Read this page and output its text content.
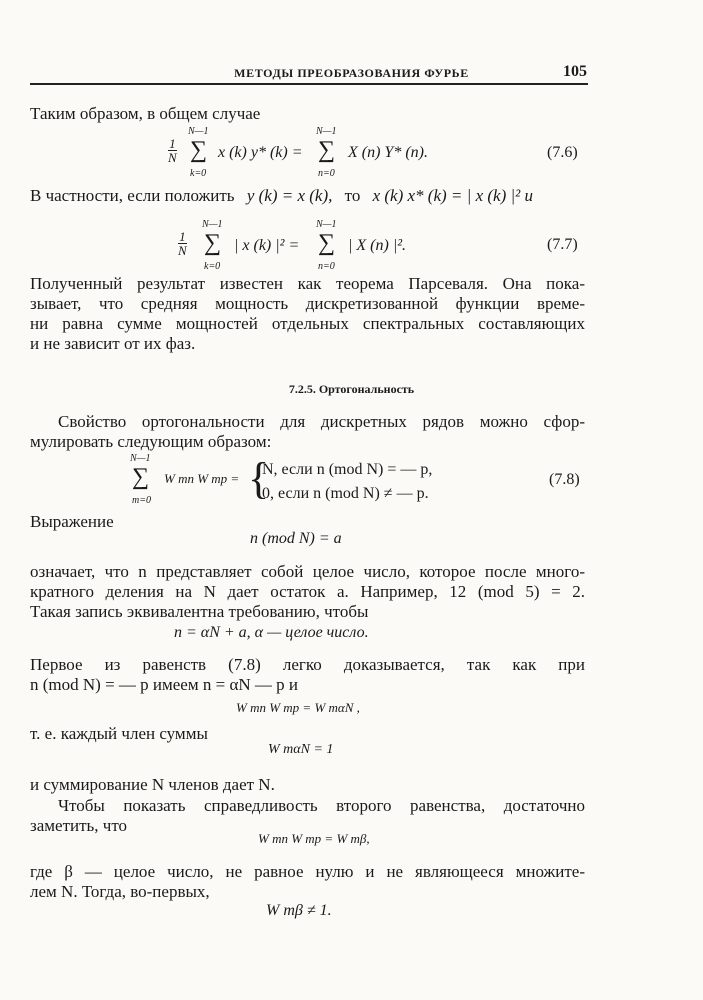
МЕТОДЫ ПРЕОБРАЗОВАНИЯ ФУРЬЕ	105
Таким образом, в общем случае
$\frac{1}{N}$
N—1
∑
k=0
x (k) y* (k) =
N—1
∑
n=0
X (n) Y* (n).	(7.6)
В частности, если положить y (k) = x (k), то x (k) x* (k) = | x (k) |² и
$\frac{1}{N}$
N—1
∑
k=0
| x (k) |² =
N—1
∑
n=0
| X (n) |².	(7.7)
Полученный результат известен как теорема Парсеваля. Она пока-
зывает, что средняя мощность дискретизованной функции време-
ни равна сумме мощностей отдельных спектральных составляющих
и не зависит от их фаз.
7.2.5. Ортогональность
Свойство ортогональности для дискретных рядов можно сфор-
мулировать следующим образом:
N—1
∑
m=0
W mn W mp = {
N, если n (mod N) = — p,
0, если n (mod N) ≠ — p.
(7.8)
Выражение
n (mod N) = a
означает, что n представляет собой целое число, которое после много-
кратного деления на N дает остаток a. Например, 12 (mod 5) = 2.
Такая запись эквивалентна требованию, чтобы
n = αN + a, α — целое число.
Первое из равенств (7.8) легко доказывается, так как при
n (mod N) = — p имеем n = αN — p и
W mn W mp = W mαN ,
т. е. каждый член суммы
W mαN = 1
и суммирование N членов дает N.
Чтобы показать справедливость второго равенства, достаточно
заметить, что
W mn W mp = W mβ,
где β — целое число, не равное нулю и не являющееся множите-
лем N. Тогда, во-первых,
W mβ ≠ 1.
